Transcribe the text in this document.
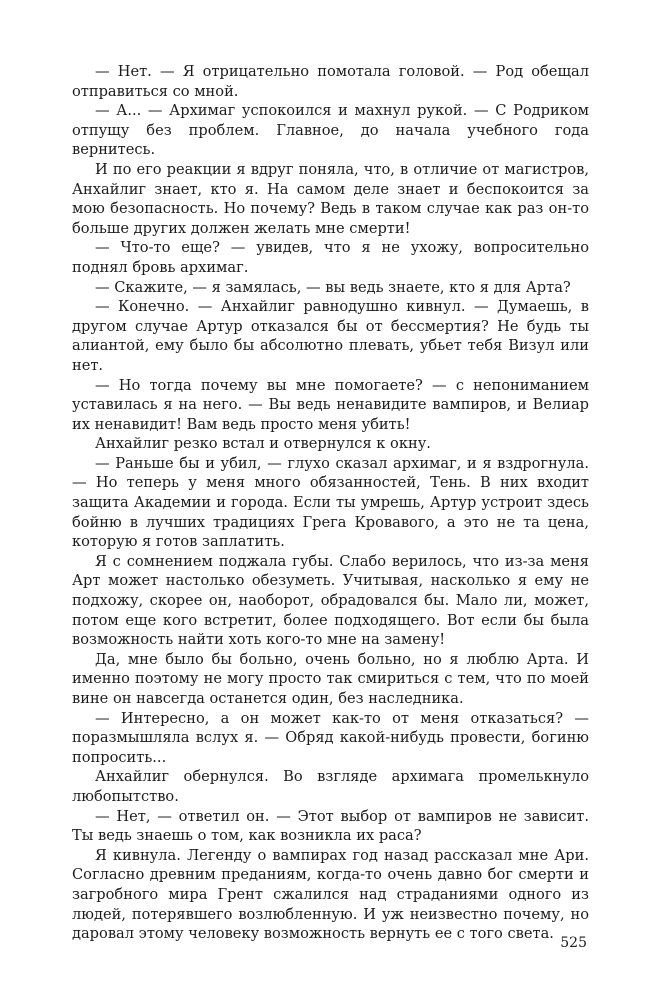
— Нет. — Я отрицательно помотала головой. — Род обещал отправиться со мной.

— А... — Архимаг успокоился и махнул рукой. — С Родриком отпущу без проблем. Главное, до начала учебного года вернитесь.

И по его реакции я вдруг поняла, что, в отличие от магистров, Анхайлиг знает, кто я. На самом деле знает и беспокоится за мою безопасность. Но почему? Ведь в таком случае как раз он-то больше других должен желать мне смерти!

— Что-то еще? — увидев, что я не ухожу, вопросительно поднял бровь архимаг.

— Скажите, — я замялась, — вы ведь знаете, кто я для Арта?

— Конечно. — Анхайлиг равнодушно кивнул. — Думаешь, в другом случае Артур отказался бы от бессмертия? Не будь ты алиантой, ему было бы абсолютно плевать, убьет тебя Визул или нет.

— Но тогда почему вы мне помогаете? — с непониманием уставилась я на него. — Вы ведь ненавидите вампиров, и Велиар их ненавидит! Вам ведь просто меня убить!

Анхайлиг резко встал и отвернулся к окну.

— Раньше бы и убил, — глухо сказал архимаг, и я вздрогнула. — Но теперь у меня много обязанностей, Тень. В них входит защита Академии и города. Если ты умрешь, Артур устроит здесь бойню в лучших традициях Грега Кровавого, а это не та цена, которую я готов заплатить.

Я с сомнением поджала губы. Слабо верилось, что из-за меня Арт может настолько обезуметь. Учитывая, насколько я ему не подхожу, скорее он, наоборот, обрадовался бы. Мало ли, может, потом еще кого встретит, более подходящего. Вот если бы была возможность найти хоть кого-то мне на замену!

Да, мне было бы больно, очень больно, но я люблю Арта. И именно поэтому не могу просто так смириться с тем, что по моей вине он навсегда останется один, без наследника.

— Интересно, а он может как-то от меня отказаться? — поразмышляла вслух я. — Обряд какой-нибудь провести, богиню попросить...

Анхайлиг обернулся. Во взгляде архимага промелькнуло любопытство.

— Нет, — ответил он. — Этот выбор от вампиров не зависит. Ты ведь знаешь о том, как возникла их раса?

Я кивнула. Легенду о вампирах год назад рассказал мне Ари. Согласно древним преданиям, когда-то очень давно бог смерти и загробного мира Грент сжалился над страданиями одного из людей, потерявшего возлюбленную. И уж неизвестно почему, но даровал этому человеку возможность вернуть ее с того света.

525
